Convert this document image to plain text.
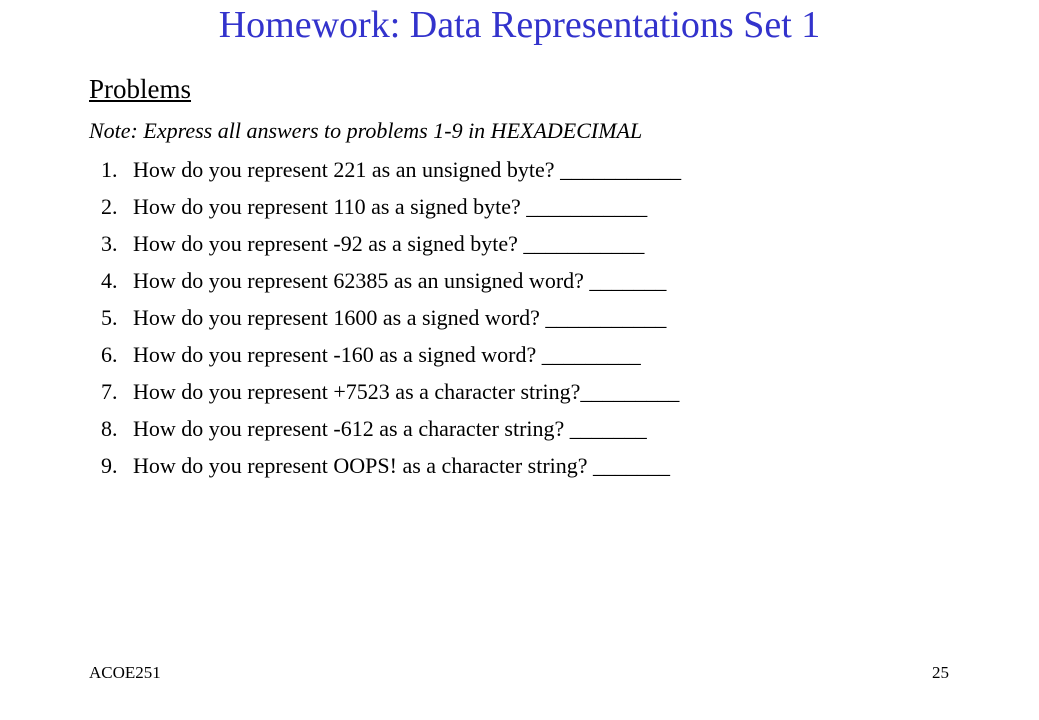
Homework: Data Representations Set 1
Problems
Note: Express all answers to problems 1-9 in HEXADECIMAL
1. How do you represent 221 as an unsigned byte? ___________
2. How do you represent 110 as a signed byte? ___________
3. How do you represent -92 as a signed byte? ___________
4. How do you represent 62385 as an unsigned word? _______
5. How do you represent 1600 as a signed word? ___________
6. How do you represent -160 as a signed word? _________
7. How do you represent +7523 as a character string?_________
8. How do you represent -612 as a character string? _______
9. How do you represent OOPS! as a character string? _______
ACOE251	25
